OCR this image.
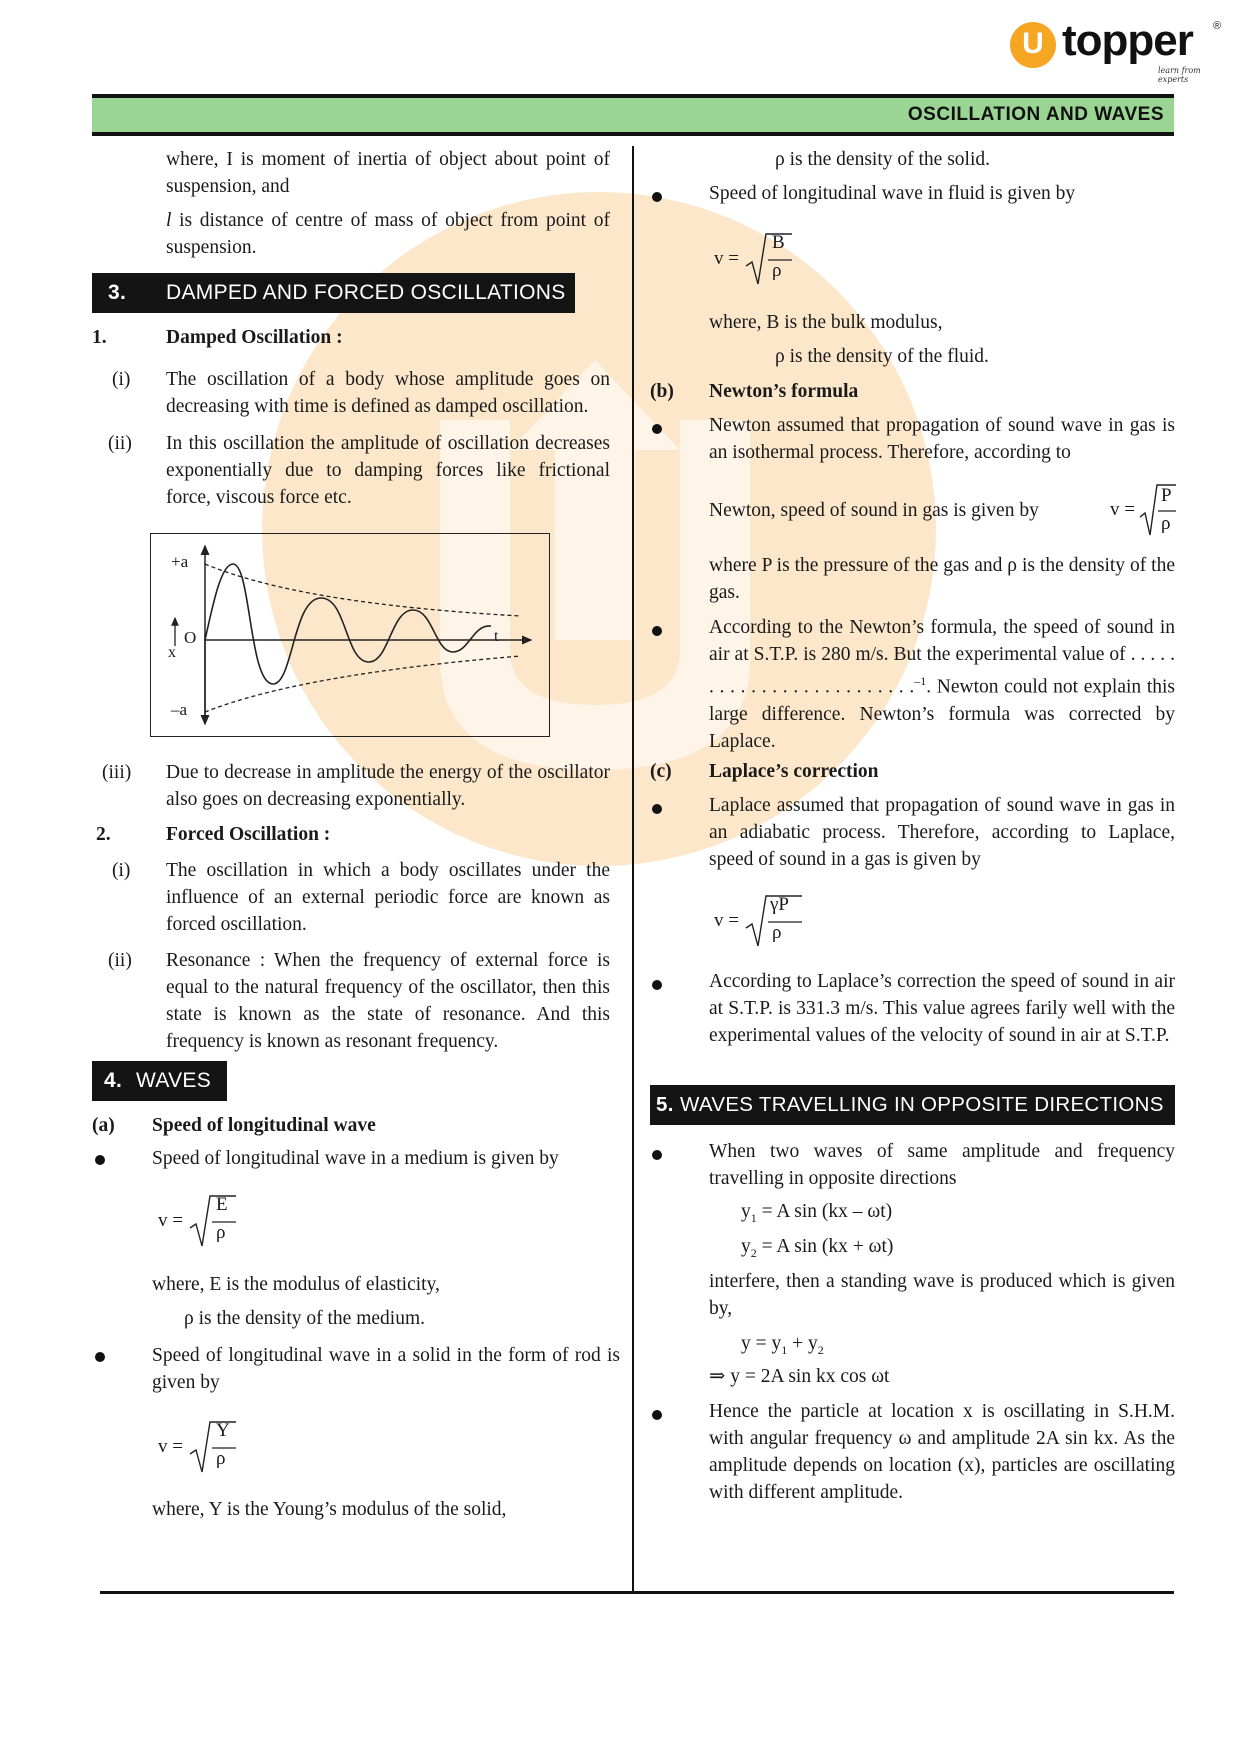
U topper ®
learn from experts
OSCILLATION AND WAVES

where, I is moment of inertia of object about point of suspension, and

l is distance of centre of mass of object from point of suspension.

3. DAMPED AND FORCED OSCILLATIONS

1.	Damped Oscillation :

(i) The oscillation of a body whose amplitude goes on decreasing with time is defined as damped oscillation.

(ii) In this oscillation the amplitude of oscillation decreases exponentially due to damping forces like frictional force, viscous force etc.

+a
–a
O
x
t

(iii) Due to decrease in amplitude the energy of the oscillator also goes on decreasing exponentially.

2.	Forced Oscillation :

(i) The oscillation in which a body oscillates under the influence of an external periodic force are known as forced oscillation.

(ii) Resonance : When the frequency of external force is equal to the natural frequency of the oscillator, then this state is known as the state of resonance. And this frequency is known as resonant frequency.

4. WAVES

(a) Speed of longitudinal wave

Speed of longitudinal wave in a medium is given by

v =
E
ρ

where, E is the modulus of elasticity,

ρ is the density of the medium.

Speed of longitudinal wave in a solid in the form of rod is given by

v =
Y
ρ

where, Y is the Young’s modulus of the solid,

ρ is the density of the solid.

Speed of longitudinal wave in fluid is given by

v =
B
ρ

where, B is the bulk modulus,

ρ is the density of the fluid.

(b) Newton’s formula

Newton assumed that propagation of sound wave in gas is an isothermal process. Therefore, according to

Newton, speed of sound in gas is given by	v =
P
ρ

where P is the pressure of the gas and ρ is the density of the gas.

According to the Newton’s formula, the speed of sound in air at S.T.P. is 280 m/s. But the experimental value of . . . . . . . . . . . . . . . . . . . . . . . . .$^{-1}$. Newton could not explain this large difference. Newton’s formula was corrected by Laplace.

(c) Laplace’s correction

Laplace assumed that propagation of sound wave in gas in an adiabatic process. Therefore, according to Laplace, speed of sound in a gas is given by

v =
γP
ρ

According to Laplace’s correction the speed of sound in air at S.T.P. is 331.3 m/s. This value agrees farily well with the experimental values of the velocity of sound in air at S.T.P.

5. WAVES TRAVELLING IN OPPOSITE DIRECTIONS

When two waves of same amplitude and frequency travelling in opposite directions

$y_1 = A$ sin (kx – ωt)

$y_2 = A$ sin (kx + ωt)

interfere, then a standing wave is produced which is given by,

$y = y_1 + y_2$

⇒ y = 2A sin kx cos ωt

Hence the particle at location x is oscillating in S.H.M. with angular frequency ω and amplitude 2A sin kx. As the amplitude depends on location (x), particles are oscillating with different amplitude.
